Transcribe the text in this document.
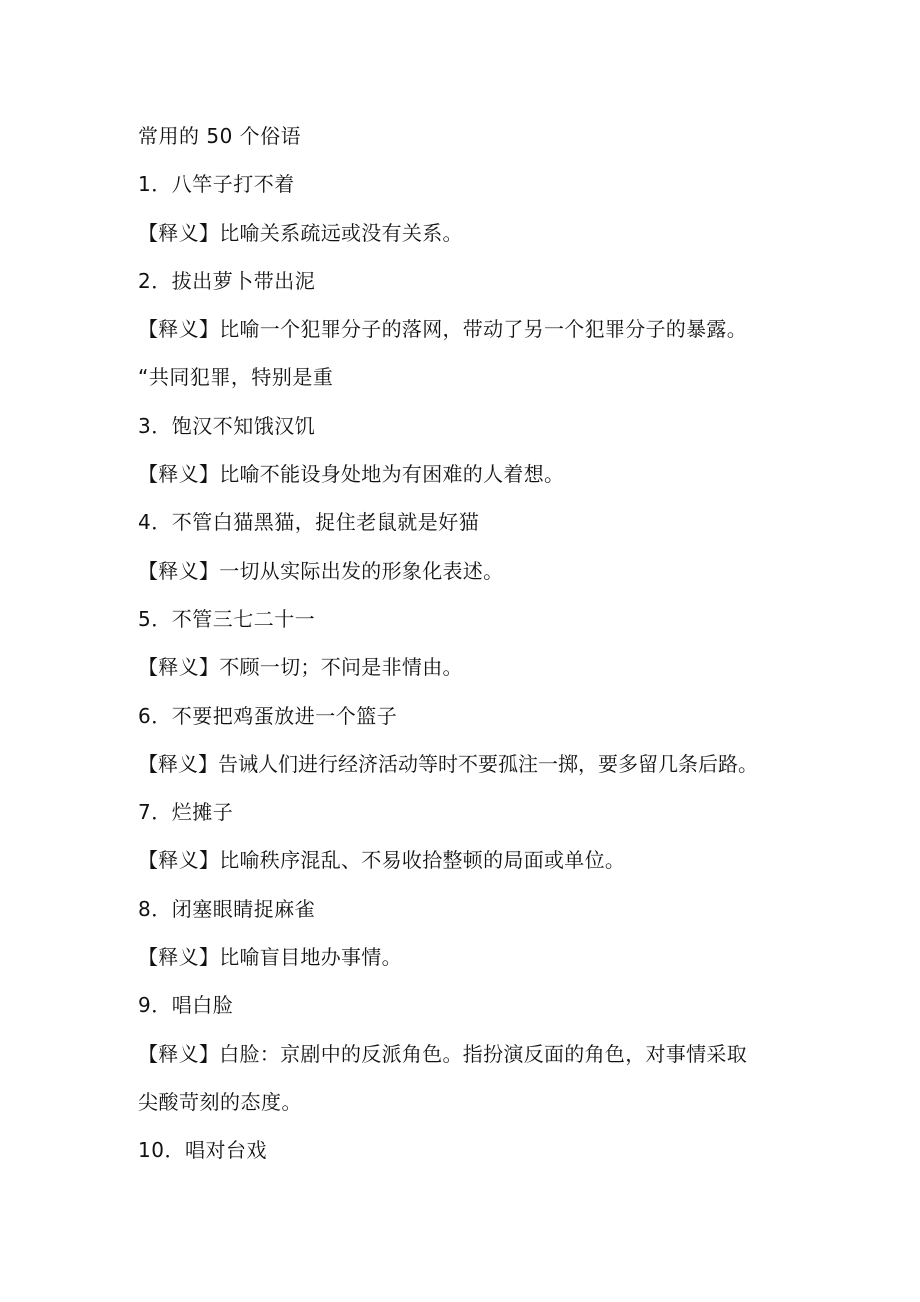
常用的 50 个俗语
1．八竿子打不着
【释义】比喻关系疏远或没有关系。
2．拔出萝卜带出泥
【释义】比喻一个犯罪分子的落网，带动了另一个犯罪分子的暴露。
“共同犯罪，特别是重
3．饱汉不知饿汉饥
【释义】比喻不能设身处地为有困难的人着想。
4．不管白猫黑猫，捉住老鼠就是好猫
【释义】一切从实际出发的形象化表述。
5．不管三七二十一
【释义】不顾一切；不问是非情由。
6．不要把鸡蛋放进一个篮子
【释义】告诫人们进行经济活动等时不要孤注一掷，要多留几条后路。
7．烂摊子
【释义】比喻秩序混乱、不易收拾整顿的局面或单位。
8．闭塞眼睛捉麻雀
【释义】比喻盲目地办事情。
9．唱白脸
【释义】白脸：京剧中的反派角色。指扮演反面的角色，对事情采取
尖酸苛刻的态度。
10．唱对台戏
